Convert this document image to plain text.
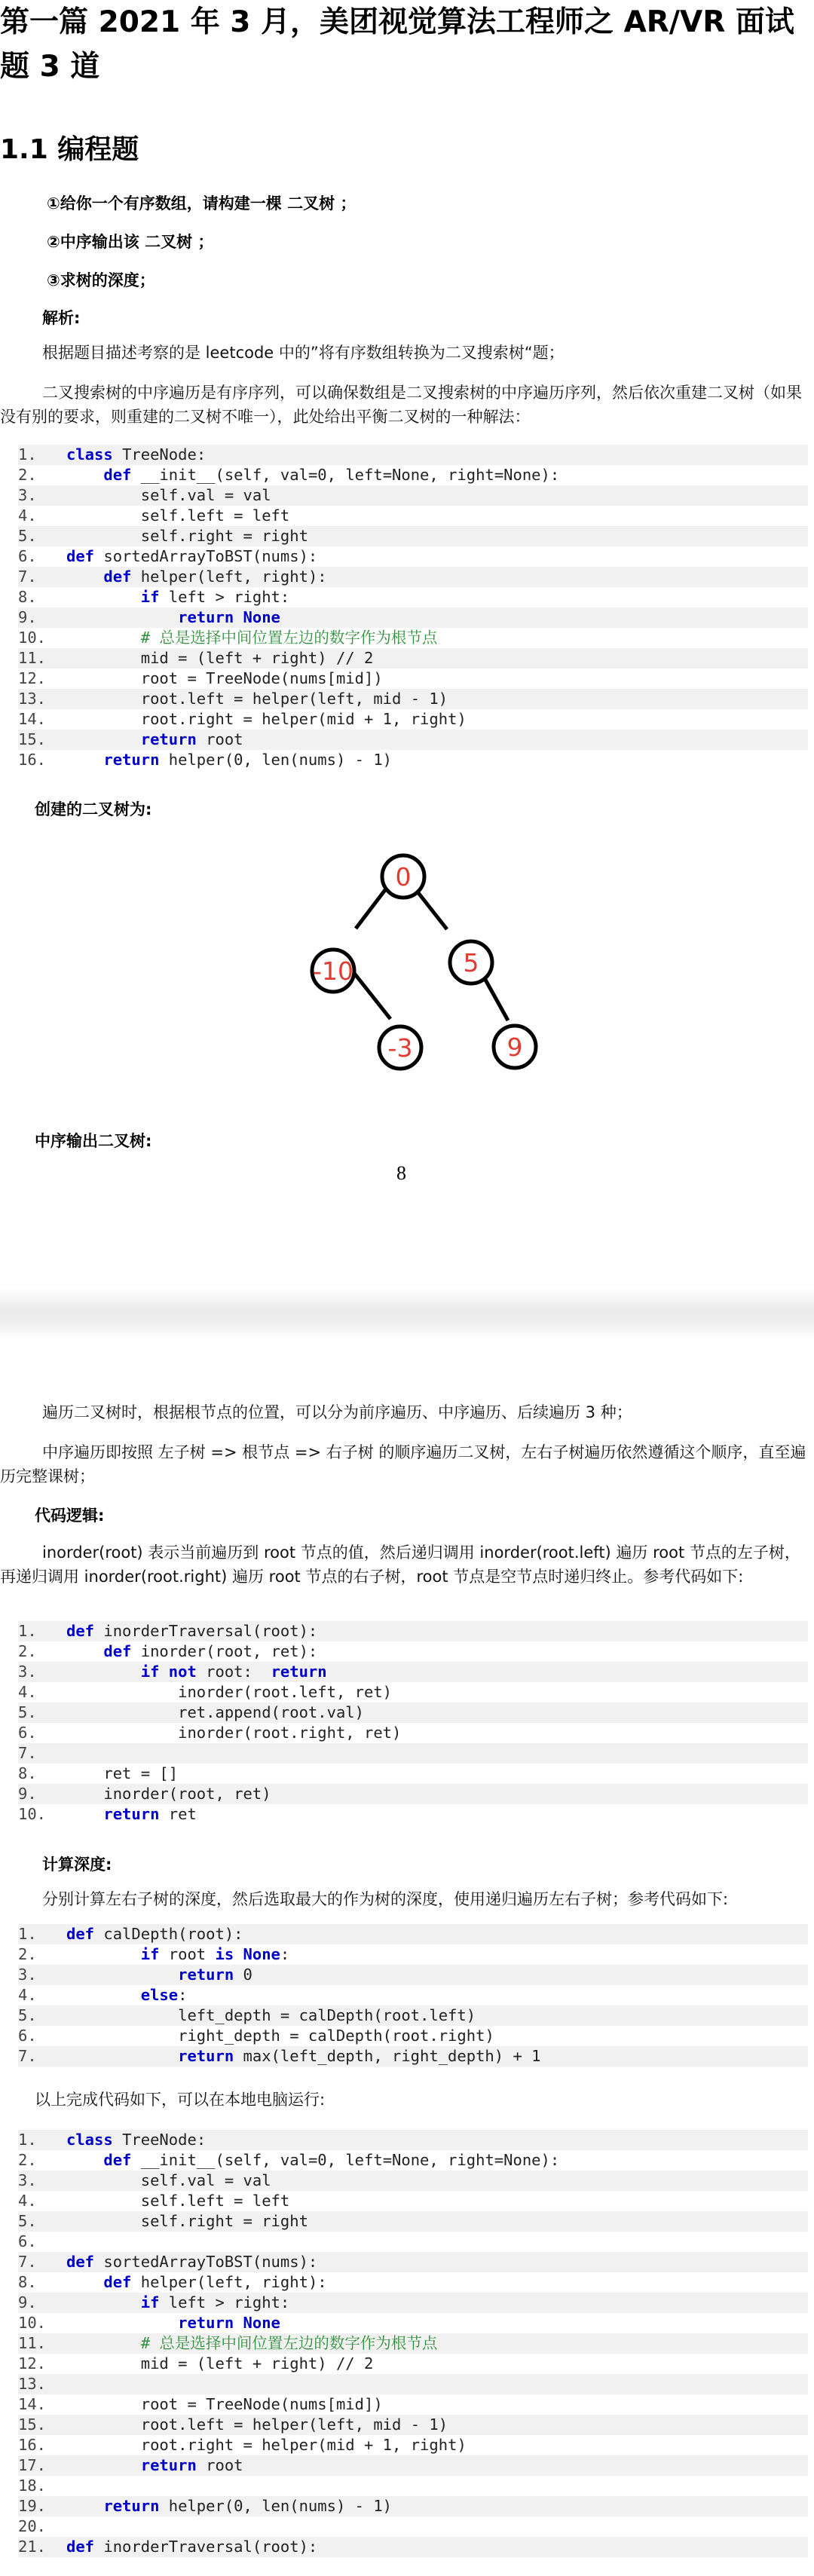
第一篇 2021 年 3 月，美团视觉算法工程师之 AR/VR 面试题 3 道
1.1 编程题
①给你一个有序数组，请构建一棵 二叉树 ；
②中序输出该 二叉树 ；
③求树的深度；
解析:
根据题目描述考察的是 leetcode 中的”将有序数组转换为二叉搜索树“题；
二叉搜索树的中序遍历是有序序列，可以确保数组是二叉搜索树的中序遍历序列，然后依次重建二叉树（如果没有别的要求，则重建的二叉树不唯一），此处给出平衡二叉树的一种解法：
1.	class TreeNode:
2.	def __init__(self, val=0, left=None, right=None):
3.	self.val = val
4.	self.left = left
5.	self.right = right
6.	def sortedArrayToBST(nums):
7.	def helper(left, right):
8.	if left > right:
9.	return None
10.	# 总是选择中间位置左边的数字作为根节点
11.	mid = (left + right) // 2
12.	root = TreeNode(nums[mid])
13.	root.left = helper(left, mid - 1)
14.	root.right = helper(mid + 1, right)
15.	return root
16.	return helper(0, len(nums) - 1)
创建的二叉树为:
0
-10	5
-3	9
中序输出二叉树:
8
遍历二叉树时，根据根节点的位置，可以分为前序遍历、中序遍历、后续遍历 3 种；
中序遍历即按照 左子树 => 根节点 => 右子树 的顺序遍历二叉树，左右子树遍历依然遵循这个顺序，直至遍历完整课树；
代码逻辑:
inorder(root) 表示当前遍历到 root 节点的值，然后递归调用 inorder(root.left) 遍历 root 节点的左子树，再递归调用 inorder(root.right) 遍历 root 节点的右子树，root 节点是空节点时递归终止。参考代码如下:
1.	def inorderTraversal(root):
2.	def inorder(root, ret):
3.	if not root:  return
4.	inorder(root.left, ret)
5.	ret.append(root.val)
6.	inorder(root.right, ret)
7.
8.	ret = []
9.	inorder(root, ret)
10.	return ret
计算深度:
分别计算左右子树的深度，然后选取最大的作为树的深度，使用递归遍历左右子树；参考代码如下:
1.	def calDepth(root):
2.	if root is None:
3.	return 0
4.	else:
5.	left_depth = calDepth(root.left)
6.	right_depth = calDepth(root.right)
7.	return max(left_depth, right_depth) + 1
以上完成代码如下，可以在本地电脑运行:
1.	class TreeNode:
2.	def __init__(self, val=0, left=None, right=None):
3.	self.val = val
4.	self.left = left
5.	self.right = right
6.
7.	def sortedArrayToBST(nums):
8.	def helper(left, right):
9.	if left > right:
10.	return None
11.	# 总是选择中间位置左边的数字作为根节点
12.	mid = (left + right) // 2
13.
14.	root = TreeNode(nums[mid])
15.	root.left = helper(left, mid - 1)
16.	root.right = helper(mid + 1, right)
17.	return root
18.
19.	return helper(0, len(nums) - 1)
20.
21.	def inorderTraversal(root):
